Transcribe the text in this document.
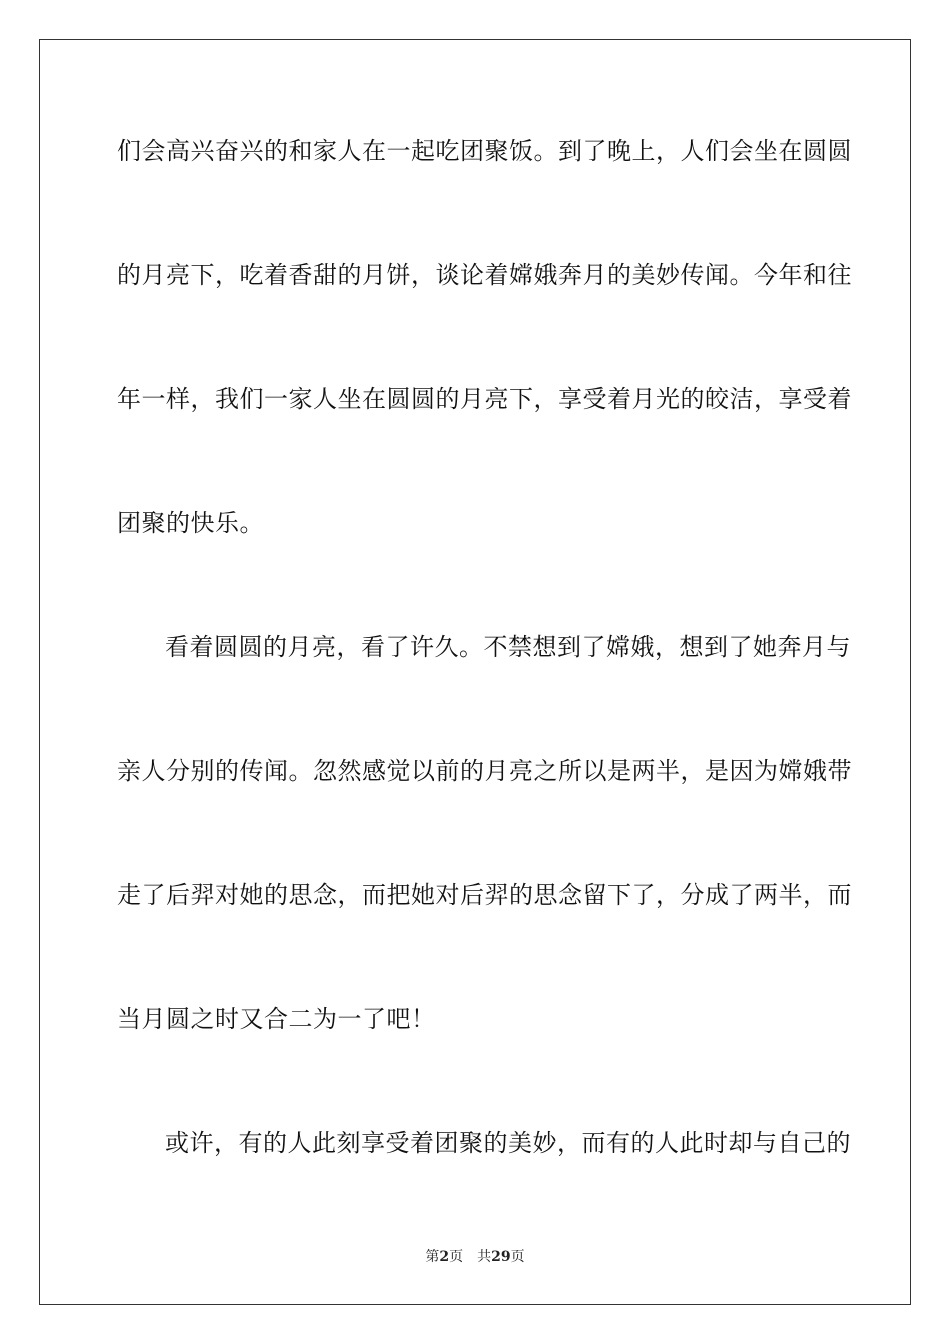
们会高兴奋兴的和家人在一起吃团聚饭。到了晚上，人们会坐在圆圆
的月亮下，吃着香甜的月饼，谈论着嫦娥奔月的美妙传闻。今年和往
年一样，我们一家人坐在圆圆的月亮下，享受着月光的皎洁，享受着
团聚的快乐。
看着圆圆的月亮，看了许久。不禁想到了嫦娥，想到了她奔月与
亲人分别的传闻。忽然感觉以前的月亮之所以是两半，是因为嫦娥带
走了后羿对她的思念，而把她对后羿的思念留下了，分成了两半，而
当月圆之时又合二为一了吧！
或许，有的人此刻享受着团聚的美妙，而有的人此时却与自己的
第2页 共29页
